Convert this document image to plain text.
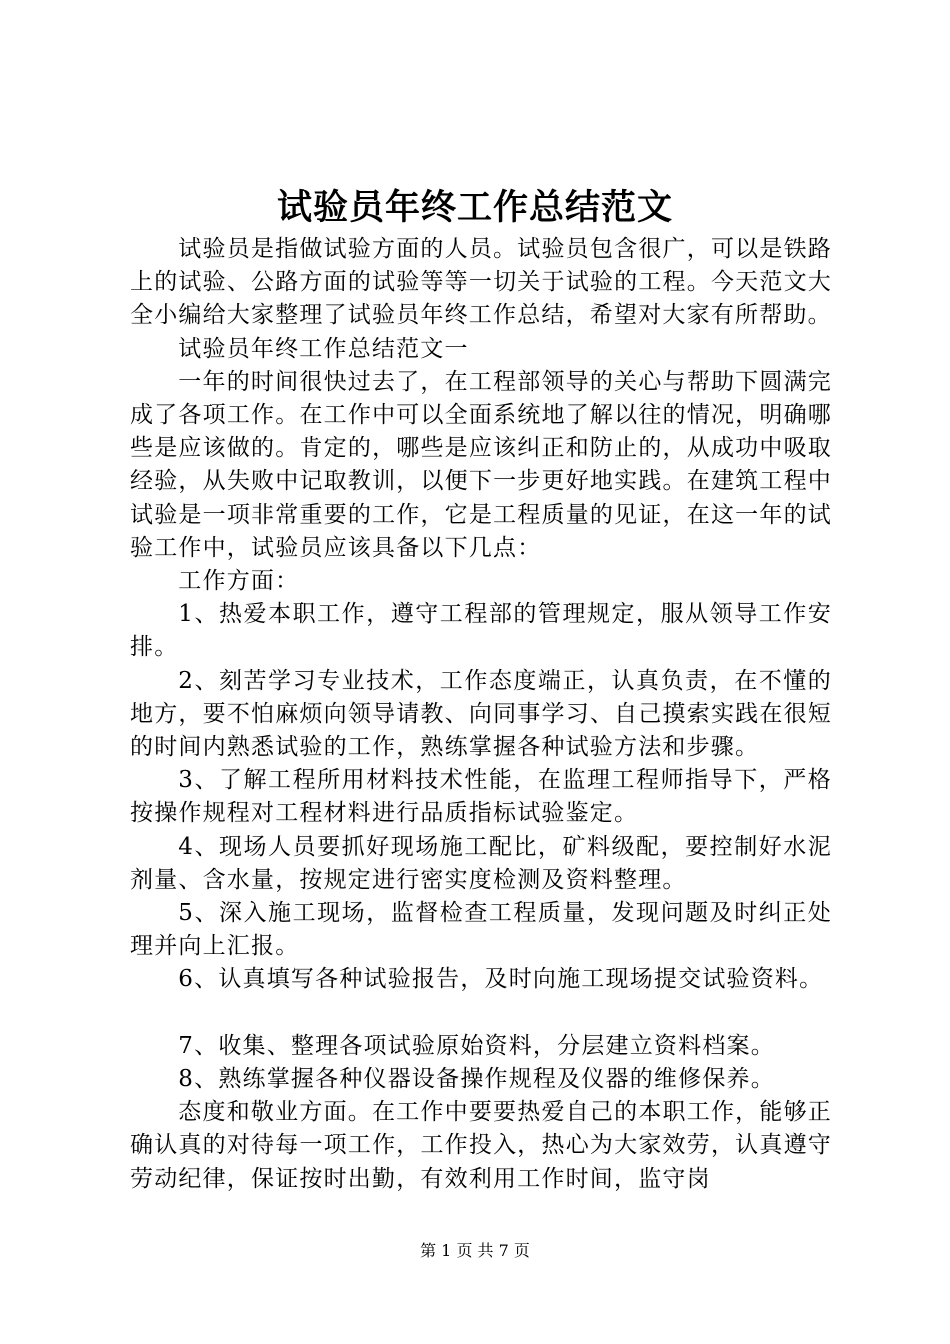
试验员年终工作总结范文

试验员是指做试验方面的人员。试验员包含很广，可以是铁路上的试验、公路方面的试验等等一切关于试验的工程。今天范文大全小编给大家整理了试验员年终工作总结，希望对大家有所帮助。

试验员年终工作总结范文一

一年的时间很快过去了，在工程部领导的关心与帮助下圆满完成了各项工作。在工作中可以全面系统地了解以往的情况，明确哪些是应该做的。肯定的，哪些是应该纠正和防止的，从成功中吸取经验，从失败中记取教训，以便下一步更好地实践。在建筑工程中试验是一项非常重要的工作，它是工程质量的见证，在这一年的试验工作中，试验员应该具备以下几点：

工作方面：

1、热爱本职工作，遵守工程部的管理规定，服从领导工作安排。

2、刻苦学习专业技术，工作态度端正，认真负责，在不懂的地方，要不怕麻烦向领导请教、向同事学习、自己摸索实践在很短的时间内熟悉试验的工作，熟练掌握各种试验方法和步骤。

3、了解工程所用材料技术性能，在监理工程师指导下，严格按操作规程对工程材料进行品质指标试验鉴定。

4、现场人员要抓好现场施工配比，矿料级配，要控制好水泥剂量、含水量，按规定进行密实度检测及资料整理。

5、深入施工现场，监督检查工程质量，发现问题及时纠正处理并向上汇报。

6、认真填写各种试验报告，及时向施工现场提交试验资料。

7、收集、整理各项试验原始资料，分层建立资料档案。

8、熟练掌握各种仪器设备操作规程及仪器的维修保养。

态度和敬业方面。在工作中要要热爱自己的本职工作，能够正确认真的对待每一项工作，工作投入，热心为大家效劳，认真遵守劳动纪律，保证按时出勤，有效利用工作时间，监守岗

第 1 页 共 7 页
